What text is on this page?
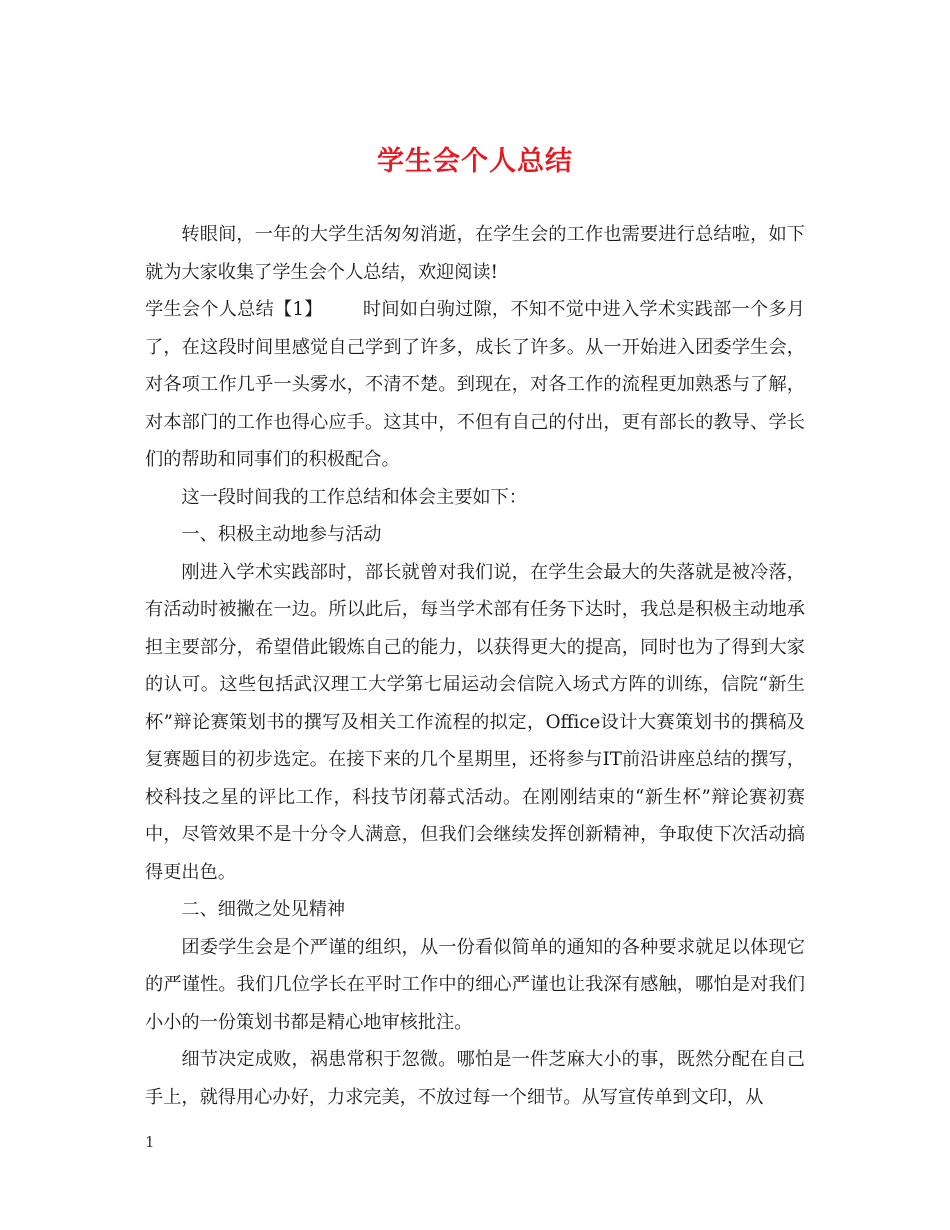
学生会个人总结

转眼间，一年的大学生活匆匆消逝，在学生会的工作也需要进行总结啦，如下就为大家收集了学生会个人总结，欢迎阅读!

学生会个人总结【1】 时间如白驹过隙，不知不觉中进入学术实践部一个多月了，在这段时间里感觉自己学到了许多，成长了许多。从一开始进入团委学生会，对各项工作几乎一头雾水，不清不楚。到现在，对各工作的流程更加熟悉与了解，对本部门的工作也得心应手。这其中，不但有自己的付出，更有部长的教导、学长们的帮助和同事们的积极配合。

这一段时间我的工作总结和体会主要如下：

一、积极主动地参与活动

刚进入学术实践部时，部长就曾对我们说，在学生会最大的失落就是被冷落，有活动时被撇在一边。所以此后，每当学术部有任务下达时，我总是积极主动地承担主要部分，希望借此锻炼自己的能力，以获得更大的提高，同时也为了得到大家的认可。这些包括武汉理工大学第七届运动会信院入场式方阵的训练，信院“新生杯”辩论赛策划书的撰写及相关工作流程的拟定，Office设计大赛策划书的撰稿及复赛题目的初步选定。在接下来的几个星期里，还将参与IT前沿讲座总结的撰写，校科技之星的评比工作，科技节闭幕式活动。在刚刚结束的“新生杯”辩论赛初赛中，尽管效果不是十分令人满意，但我们会继续发挥创新精神，争取使下次活动搞得更出色。

二、细微之处见精神

团委学生会是个严谨的组织，从一份看似简单的通知的各种要求就足以体现它的严谨性。我们几位学长在平时工作中的细心严谨也让我深有感触，哪怕是对我们小小的一份策划书都是精心地审核批注。

细节决定成败，祸患常积于忽微。哪怕是一件芝麻大小的事，既然分配在自己手上，就得用心办好，力求完美，不放过每一个细节。从写宣传单到文印，从

1
